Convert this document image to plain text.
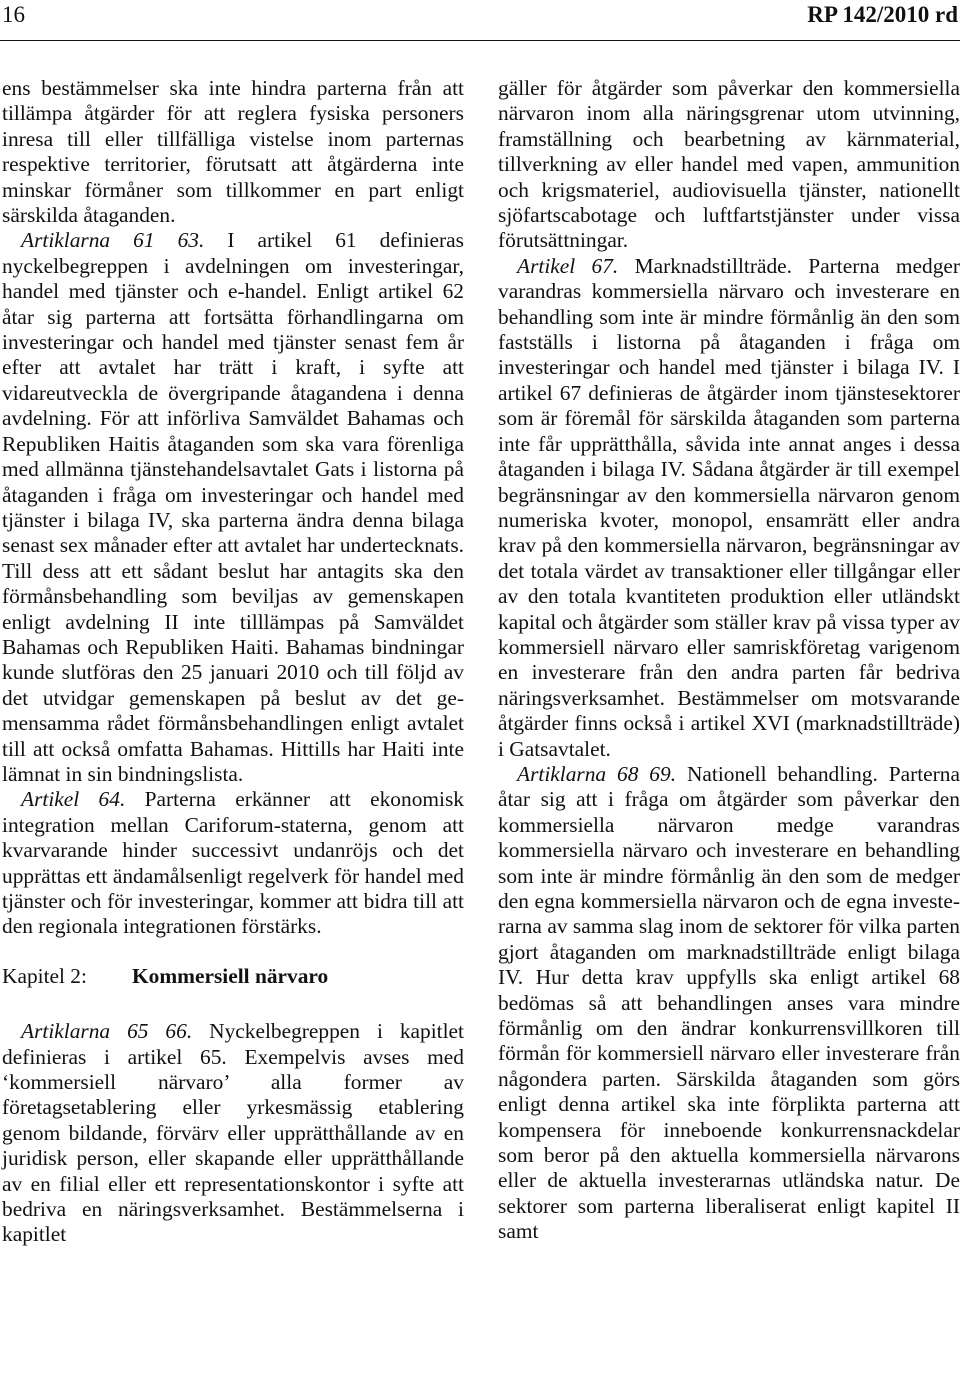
16	RP 142/2010 rd

ens bestämmelser ska inte hindra parterna från att tillämpa åtgärder för att reglera fysiska personers inresa till eller tillfälliga vistelse inom parternas respektive territorier, förutsatt att åtgärderna inte minskar förmåner som tillkommer en part enligt särskilda åtaganden.

Artiklarna 61 63. I artikel 61 definieras nyckelbegreppen i avdelningen om investeringar, handel med tjänster och e-handel. Enligt artikel 62 åtar sig parterna att fortsätta förhandlingarna om investeringar och handel med tjänster senast fem år efter att avtalet har trätt i kraft, i syfte att vidareutveckla de övergripande åtagandena i denna avdelning. För att införliva Samväldet Bahamas och Republiken Haitis åtaganden som ska vara förenliga med allmänna tjänstehandelsavtalet Gats i listorna på åtaganden i fråga om investeringar och handel med tjänster i bilaga IV, ska parterna ändra denna bilaga senast sex månader efter att avtalet har undertecknats. Till dess att ett sådant beslut har antagits ska den förmånsbehandling som beviljas av gemenskapen enligt avdelning II inte tilllämpas på Samväldet Bahamas och Republiken Haiti. Bahamas bindningar kunde slutföras den 25 januari 2010 och till följd av det utvidgar gemenskapen på beslut av det gemensamma rådet förmånsbehandlingen enligt avtalet till att också omfatta Bahamas. Hittills har Haiti inte lämnat in sin bindningslista.

Artikel 64. Parterna erkänner att ekonomisk integration mellan Cariforum-staterna, genom att kvarvarande hinder successivt undanröjs och det upprättas ett ändamålsenligt regelverk för handel med tjänster och för investeringar, kommer att bidra till att den regionala integrationen förstärks.

Kapitel 2:	Kommersiell närvaro

Artiklarna 65 66. Nyckelbegreppen i kapitlet definieras i artikel 65. Exempelvis avses med ‘kommersiell närvaro’ alla former av företagsetablering eller yrkesmässig etablering genom bildande, förvärv eller upprätthållande av en juridisk person, eller skapande eller upprätthållande av en filial eller ett representationskontor i syfte att bedriva en näringsverksamhet. Bestämmelserna i kapitlet

gäller för åtgärder som påverkar den kommersiella närvaron inom alla näringsgrenar utom utvinning, framställning och bearbetning av kärnmaterial, tillverkning av eller handel med vapen, ammunition och krigsmateriel, audiovisuella tjänster, nationellt sjöfartscabotage och luftfartstjänster under vissa förutsättningar.

Artikel 67. Marknadstillträde. Parterna medger varandras kommersiella närvaro och investerare en behandling som inte är mindre förmånlig än den som fastställs i listorna på åtaganden i fråga om investeringar och handel med tjänster i bilaga IV. I artikel 67 definieras de åtgärder inom tjänstesektorer som är föremål för särskilda åtaganden som parterna inte får upprätthålla, såvida inte annat anges i dessa åtaganden i bilaga IV. Sådana åtgärder är till exempel begränsningar av den kommersiella närvaron genom numeriska kvoter, monopol, ensamrätt eller andra krav på den kommersiella närvaron, begränsningar av det totala värdet av transaktioner eller tillgångar eller av den totala kvantiteten produktion eller utländskt kapital och åtgärder som ställer krav på vissa typer av kommersiell närvaro eller samriskföretag varigenom en investerare från den andra parten får bedriva näringsverksamhet. Bestämmelser om motsvarande åtgärder finns också i artikel XVI (marknadstillträde) i Gatsavtalet.

Artiklarna 68 69. Nationell behandling. Parterna åtar sig att i fråga om åtgärder som påverkar den kommersiella närvaron medge varandras kommersiella närvaro och investerare en behandling som inte är mindre förmånlig än den som de medger den egna kommersiella närvaron och de egna investerarna av samma slag inom de sektorer för vilka parten gjort åtaganden om marknadstillträde enligt bilaga IV. Hur detta krav uppfylls ska enligt artikel 68 bedömas så att behandlingen anses vara mindre förmånlig om den ändrar konkurrensvillkoren till förmån för kommersiell närvaro eller investerare från någondera parten. Särskilda åtaganden som görs enligt denna artikel ska inte förplikta parterna att kompensera för inneboende konkurrensnackdelar som beror på den aktuella kommersiella närvarons eller de aktuella investerarnas utländska natur. De sektorer som parterna liberaliserat enligt kapitel II samt
